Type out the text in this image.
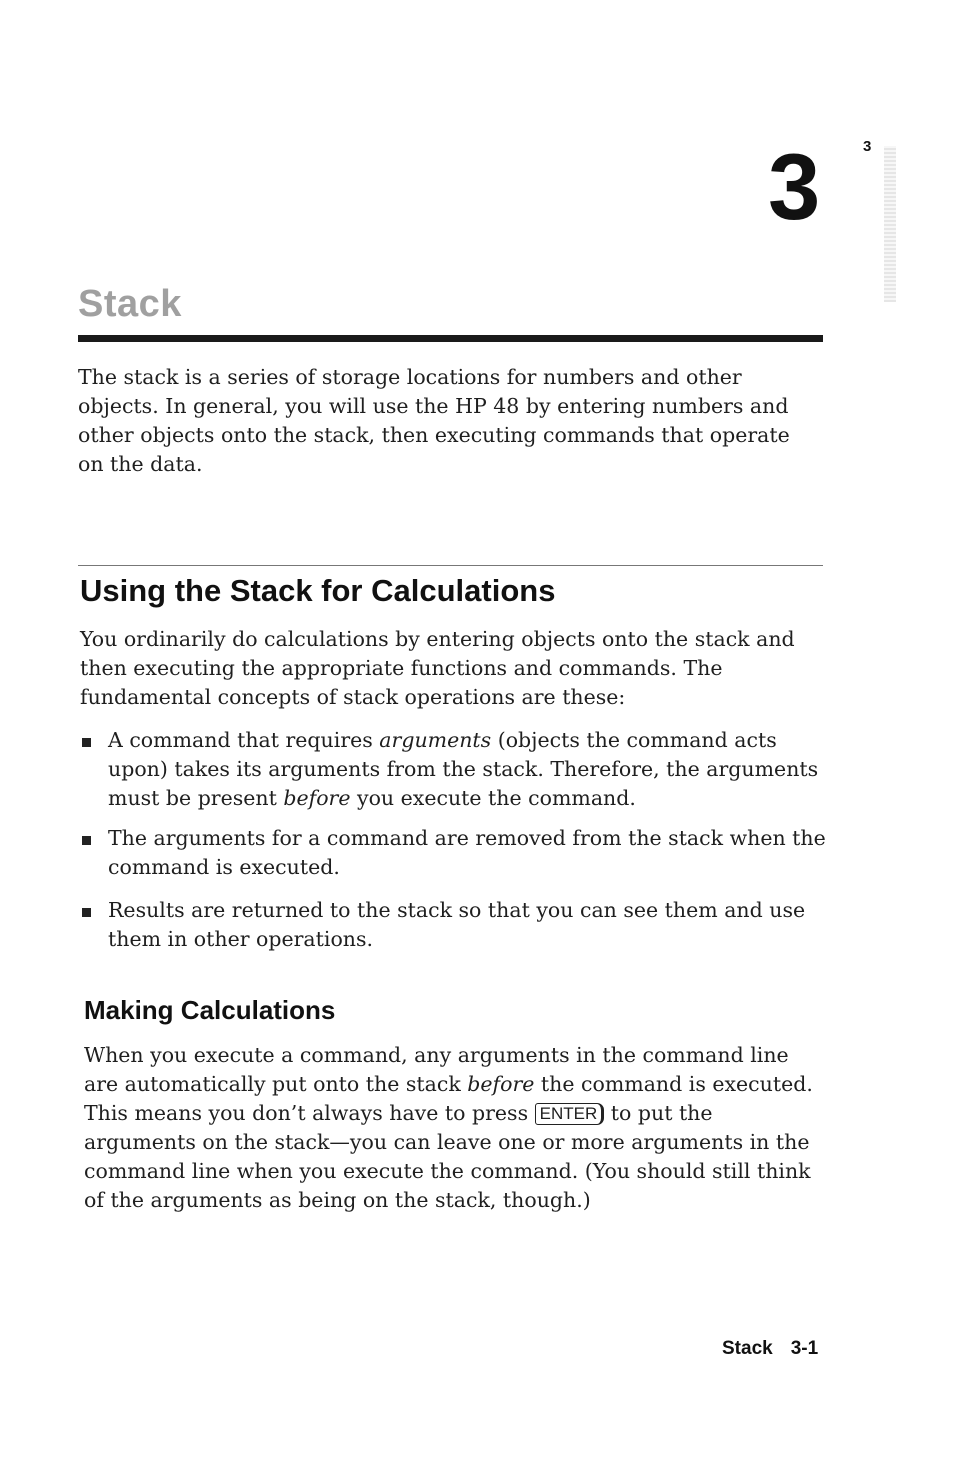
3
3
Stack

The stack is a series of storage locations for numbers and other objects. In general, you will use the HP 48 by entering numbers and other objects onto the stack, then executing commands that operate on the data.

Using the Stack for Calculations

You ordinarily do calculations by entering objects onto the stack and then executing the appropriate functions and commands. The fundamental concepts of stack operations are these:

A command that requires arguments (objects the command acts upon) takes its arguments from the stack. Therefore, the arguments must be present before you execute the command.

The arguments for a command are removed from the stack when the command is executed.

Results are returned to the stack so that you can see them and use them in other operations.

Making Calculations

When you execute a command, any arguments in the command line are automatically put onto the stack before the command is executed. This means you don’t always have to press ENTER to put the arguments on the stack—you can leave one or more arguments in the command line when you execute the command. (You should still think of the arguments as being on the stack, though.)

Stack 3-1
